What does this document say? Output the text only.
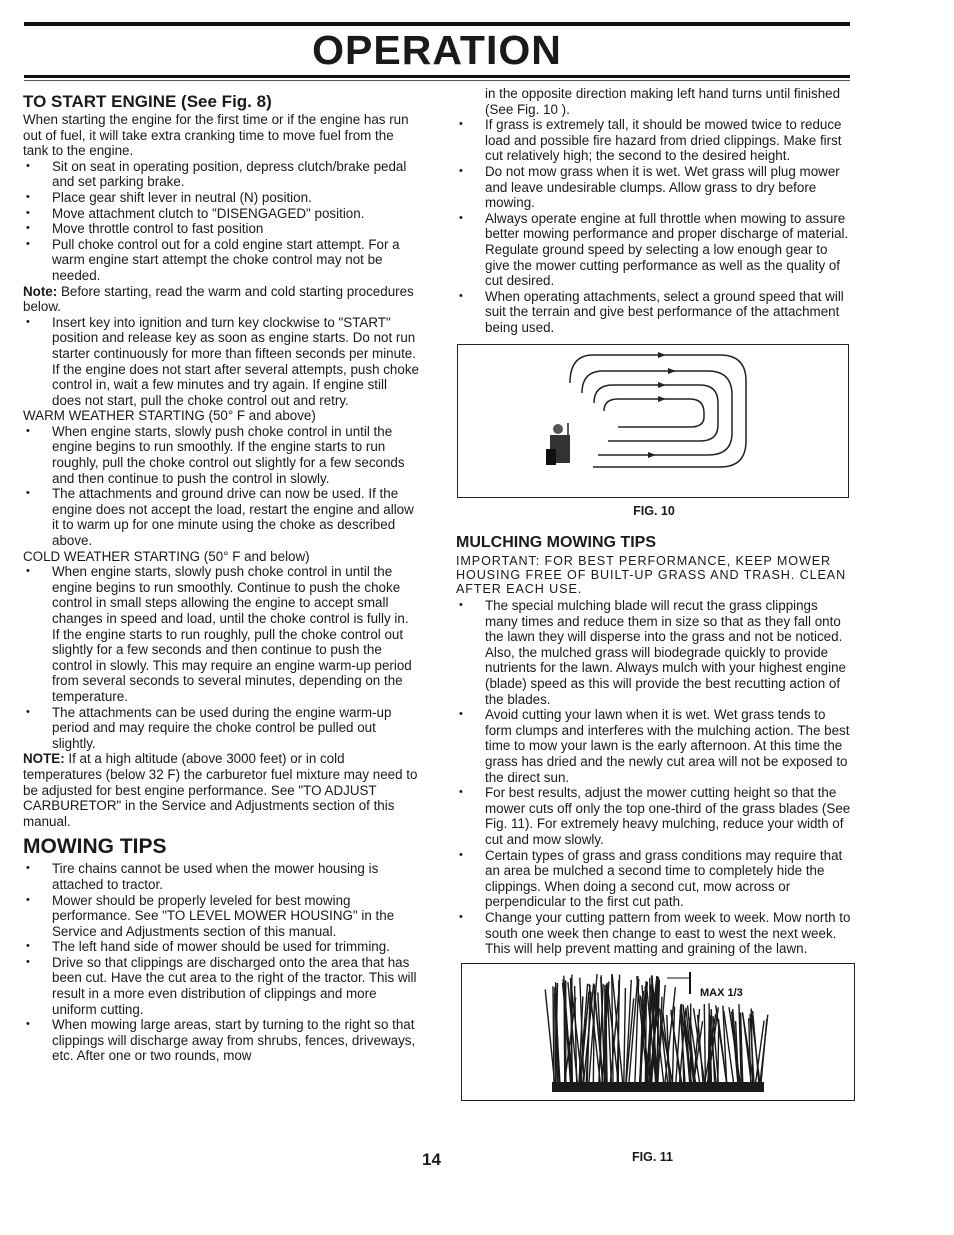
OPERATION
TO START ENGINE (See Fig. 8)

When starting the engine for the first time or if the engine has run out of fuel, it will take extra cranking time to move fuel from the tank to the engine.

• Sit on seat in operating position, depress clutch/brake pedal and set parking brake.
• Place gear shift lever in neutral (N) position.
• Move attachment clutch to "DISENGAGED" position.
• Move throttle control to fast position
• Pull choke control out for a cold engine start attempt. For a warm engine start attempt the choke control may not be needed.

Note: Before starting, read the warm and cold starting procedures below.

• Insert key into ignition and turn key clockwise to "START" position and release key as soon as engine starts. Do not run starter continuously for more than fifteen seconds per minute. If the engine does not start after several attempts, push choke control in, wait a few minutes and try again. If engine still does not start, pull the choke control out and retry.

WARM WEATHER STARTING (50° F and above)

• When engine starts, slowly push choke control in until the engine begins to run smoothly. If the engine starts to run roughly, pull the choke control out slightly for a few seconds and then continue to push the control in slowly.
• The attachments and ground drive can now be used. If the engine does not accept the load, restart the engine and allow it to warm up for one minute using the choke as described above.

COLD WEATHER STARTING (50° F and below)

• When engine starts, slowly push choke control in until the engine begins to run smoothly. Continue to push the choke control in small steps allowing the engine to accept small changes in speed and load, until the choke control is fully in. If the engine starts to run roughly, pull the choke control out slightly for a few seconds and then continue to push the control in slowly. This may require an engine warm-up period from several seconds to several minutes, depending on the temperature.
• The attachments can be used during the engine warm-up period and may require the choke control be pulled out slightly.

NOTE: If at a high altitude (above 3000 feet) or in cold temperatures (below 32 F) the carburetor fuel mixture may need to be adjusted for best engine performance. See "TO ADJUST CARBURETOR" in the Service and Adjustments section of this manual.

MOWING TIPS
• Tire chains cannot be used when the mower housing is attached to tractor.
• Mower should be properly leveled for best mowing performance. See "TO LEVEL MOWER HOUSING" in the Service and Adjustments section of this manual.
• The left hand side of mower should be used for trimming.
• Drive so that clippings are discharged onto the area that has been cut. Have the cut area to the right of the tractor. This will result in a more even distribution of clippings and more uniform cutting.
• When mowing large areas, start by turning to the right so that clippings will discharge away from shrubs, fences, driveways, etc. After one or two rounds, mow

in the opposite direction making left hand turns until finished (See Fig. 10 ).

• If grass is extremely tall, it should be mowed twice to reduce load and possible fire hazard from dried clippings. Make first cut relatively high; the second to the desired height.
• Do not mow grass when it is wet. Wet grass will plug mower and leave undesirable clumps. Allow grass to dry before mowing.
• Always operate engine at full throttle when mowing to assure better mowing performance and proper discharge of material. Regulate ground speed by selecting a low enough gear to give the mower cutting performance as well as the quality of cut desired.
• When operating attachments, select a ground speed that will suit the terrain and give best performance of the attachment being used.
FIG. 10
MULCHING MOWING TIPS

IMPORTANT: FOR BEST PERFORMANCE, KEEP MOWER HOUSING FREE OF BUILT-UP GRASS AND TRASH. CLEAN AFTER EACH USE.

• The special mulching blade will recut the grass clippings many times and reduce them in size so that as they fall onto the lawn they will disperse into the grass and not be noticed. Also, the mulched grass will biodegrade quickly to provide nutrients for the lawn. Always mulch with your highest engine (blade) speed as this will provide the best recutting action of the blades.
• Avoid cutting your lawn when it is wet. Wet grass tends to form clumps and interferes with the mulching action. The best time to mow your lawn is the early afternoon. At this time the grass has dried and the newly cut area will not be exposed to the direct sun.
• For best results, adjust the mower cutting height so that the mower cuts off only the top one-third of the grass blades (See Fig. 11). For extremely heavy mulching, reduce your width of cut and mow slowly.
• Certain types of grass and grass conditions may require that an area be mulched a second time to completely hide the clippings. When doing a second cut, mow across or perpendicular to the first cut path.
• Change your cutting pattern from week to week. Mow north to south one week then change to east to west the next week. This will help prevent matting and graining of the lawn.
MAX 1/3
14	FIG. 11
